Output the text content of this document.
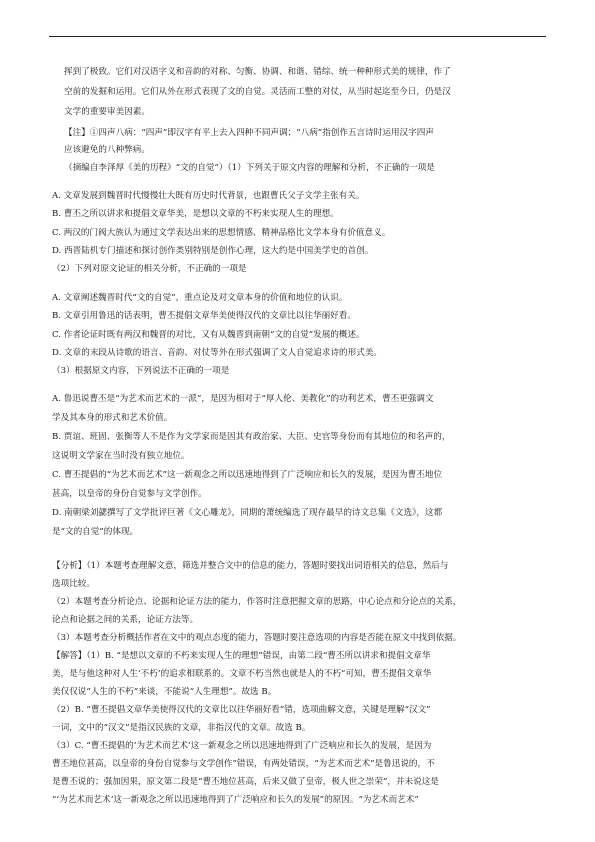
挥到了极致。它们对汉语字义和音韵的对称、匀衡、协调、和谐、错综、统一种种形式美的规律，作了
空前的发掘和运用。它们从外在形式表现了文的自觉。灵活而工整的对仗，从当时起迄至今日，仍是汉
文学的重要审美因素。
【注】①四声八病：“四声”即汉字有平上去入四种不同声调；“八病”指创作五言诗时运用汉字四声
应该避免的八种弊病。
（摘编自李泽厚《美的历程》“文的自觉”）（1）下列关于原文内容的理解和分析，不正确的一项是
A. 文章发展到魏晋时代慢慢壮大既有历史时代背景，也跟曹氏父子文学主张有关。
B. 曹丕之所以讲求和提倡文章华美，是想以文章的不朽来实现人生的理想。
C. 两汉的门阀大族认为通过文学表达出来的思想情感、精神品格比文学本身有价值意义。
D. 西晋陆机专门描述和探讨创作类别特别是创作心理，这大约是中国美学史的首创。
（2）下列对原文论证的相关分析，不正确的一项是
A. 文章阐述魏晋时代“文的自觉”，重点论及对文章本身的价值和地位的认识。
B. 文章引用鲁迅的话表明，曹丕提倡文章华美使得汉代的文章比以往华丽好看。
C. 作者论证时既有两汉和魏晋的对比，又有从魏晋到南朝“文的自觉”发展的概述。
D. 文章的末段从诗歌的语言、音韵、对仗等外在形式强调了文人自觉追求诗的形式美。
（3）根据原文内容，下列说法不正确的一项是
A. 鲁迅说曹丕是“为艺术而艺术的一派”，是因为相对于“厚人伦、美教化”的功利艺术，曹丕更强调文
学及其本身的形式和艺术价值。
B. 贾谊、班固、张衡等人不是作为文学家而是因其有政治家、大臣、史官等身份而有其地位的和名声的，
这说明文学家在当时没有独立地位。
C. 曹丕提倡的“为艺术而艺术”这一新观念之所以迅速地得到了广泛响应和长久的发展，是因为曹丕地位
甚高，以皇帝的身份自觉参与文学创作。
D. 南朝梁刘勰撰写了文学批评巨著《文心雕龙》，同期的萧统编选了现存最早的诗文总集《文选》，这都
是“文的自觉”的体现。
【分析】（1）本题考查理解文意，筛选并整合文中的信息的能力，答题时要找出词语相关的信息，然后与
选项比较。
（2）本题考查分析论点、论据和论证方法的能力，作答时注意把握文章的思路，中心论点和分论点的关系，
论点和论据之间的关系，论证方法等。
（3）本题考查分析概括作者在文中的观点态度的能力，答题时要注意选项的内容是否能在原文中找到依据。
【解答】（1）B. “是想以文章的不朽来实现人生的理想”错误，由第二段“曹丕所以讲求和提倡文章华
美，是与他这种对人生‘不朽’的追求相联系的。文章不朽当然也就是人的不朽”可知，曹丕提倡文章华
美仅仅说“人生的不朽”来谈，不能说“人生理想”。故选 B。
（2）B. “曹丕提倡文章华美使得汉代的文章比以往华丽好看”错，选项曲解文意，关键是理解“汉文”
一词，文中的“汉文”是指汉民族的文章，非指汉代的文章。故选 B。
（3）C. “曹丕提倡的‘为艺术而艺术’这一新观念之所以迅速地得到了广泛响应和长久的发展，是因为
曹丕地位甚高，以皇帝的身份自觉参与文学创作”错误，有两处错误，“为艺术而艺术”是鲁迅说的，不
是曹丕说的；强加因果，原文第二段是“曹丕地位甚高，后来又做了皇帝，极人世之崇荣”，并未说这是
“‘为艺术而艺术’这一新观念之所以迅速地得到了广泛响应和长久的发展”的原因。“为艺术而艺术”
